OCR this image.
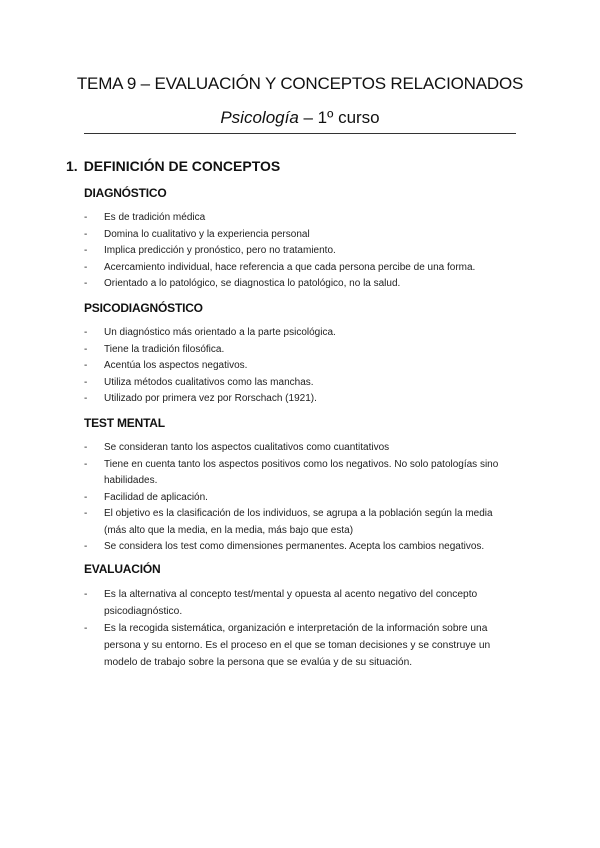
TEMA 9 – EVALUACIÓN Y CONCEPTOS RELACIONADOS
Psicología – 1º curso
1. DEFINICIÓN DE CONCEPTOS
DIAGNÓSTICO
- Es de tradición médica
- Domina lo cualitativo y la experiencia personal
- Implica predicción y pronóstico, pero no tratamiento.
- Acercamiento individual, hace referencia a que cada persona percibe de una forma.
- Orientado a lo patológico, se diagnostica lo patológico, no la salud.
PSICODIAGNÓSTICO
- Un diagnóstico más orientado a la parte psicológica.
- Tiene la tradición filosófica.
- Acentúa los aspectos negativos.
- Utiliza métodos cualitativos como las manchas.
- Utilizado por primera vez por Rorschach (1921).
TEST MENTAL
- Se consideran tanto los aspectos cualitativos como cuantitativos
- Tiene en cuenta tanto los aspectos positivos como los negativos. No solo patologías sino habilidades.
- Facilidad de aplicación.
- El objetivo es la clasificación de los individuos, se agrupa a la población según la media (más alto que la media, en la media, más bajo que esta)
- Se considera los test como dimensiones permanentes. Acepta los cambios negativos.
EVALUACIÓN
- Es la alternativa al concepto test/mental y opuesta al acento negativo del concepto psicodiagnóstico.
- Es la recogida sistemática, organización e interpretación de la información sobre una persona y su entorno. Es el proceso en el que se toman decisiones y se construye un modelo de trabajo sobre la persona que se evalúa y de su situación.
